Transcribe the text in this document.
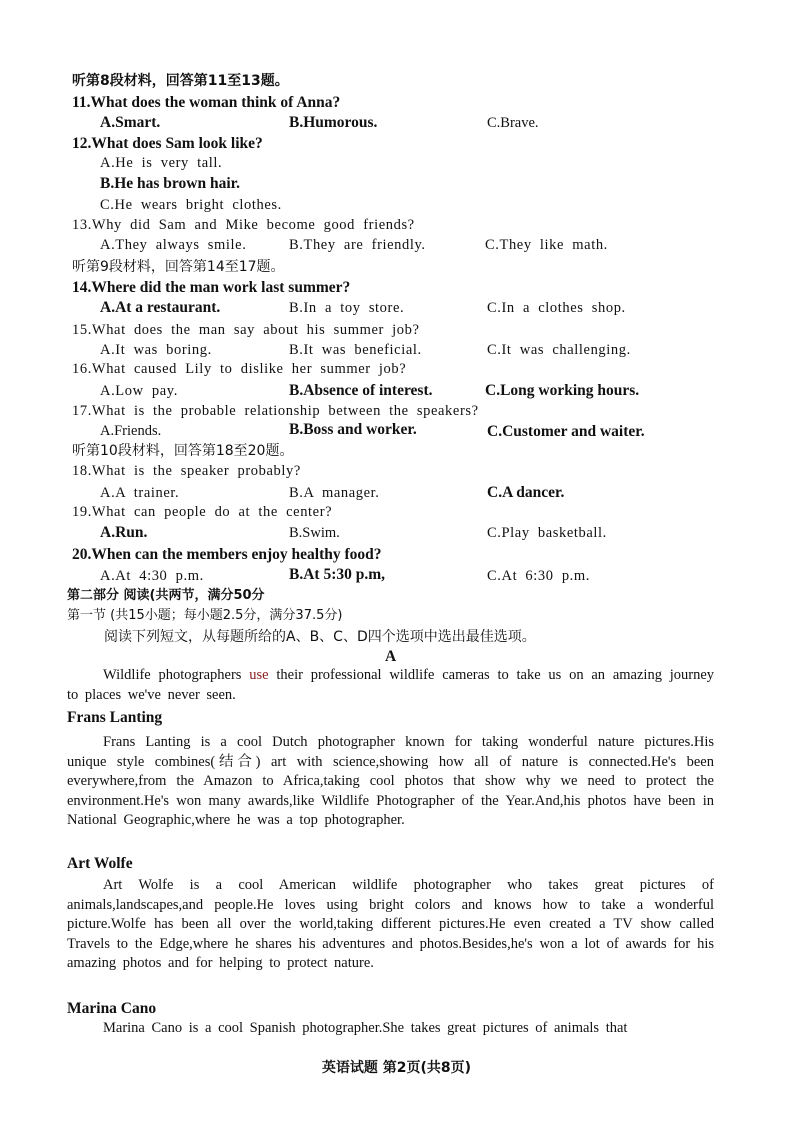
听第8段材料，回答第11至13题。
11.What does the woman think of Anna?
A.Smart.	B.Humorous.	C.Brave.
12.What does Sam look like?
A.He is very tall.
B.He has brown hair.
C.He wears bright clothes.
13.Why did Sam and Mike become good friends?
A.They always smile.	B.They are friendly.	C.They like math.
听第9段材料，回答第14至17题。
14.Where did the man work last summer?
A.At a restaurant.	B.In a toy store.	C.In a clothes shop.
15.What does the man say about his summer job?
A.It was boring.	B.It was beneficial.	C.It was challenging.
16.What caused Lily to dislike her summer job?
A.Low pay.	B.Absence of interest.	C.Long working hours.
17.What is the probable relationship between the speakers?
A.Friends.	B.Boss and worker.	C.Customer and waiter.
听第10段材料，回答第18至20题。
18.What is the speaker probably?
A.A trainer.	B.A manager.	C.A dancer.
19.What can people do at the center?
A.Run.	B.Swim.	C.Play basketball.
20.When can the members enjoy healthy food?
A.At 4:30 p.m.	B.At 5:30 p.m,	C.At 6:30 p.m.
第二部分 阅读(共两节，满分50分
第一节 (共15小题；每小题2.5分，满分37.5分)
阅读下列短文，从每题所给的A、B、C、D四个选项中选出最佳选项。
A

Wildlife photographers use their professional wildlife cameras to take us on an amazing journey to places we've never seen.

Frans Lanting

Frans Lanting is a cool Dutch photographer known for taking wonderful nature pictures.His unique style combines(结合) art with science,showing how all of nature is connected.He's been everywhere,from the Amazon to Africa,taking cool photos that show why we need to protect the environment.He's won many awards,like Wildlife Photographer of the Year.And,his photos have been in National Geographic,where he was a top photographer.

Art Wolfe

Art Wolfe is a cool American wildlife photographer who takes great pictures of animals,landscapes,and people.He loves using bright colors and knows how to take a wonderful picture.Wolfe has been all over the world,taking different pictures.He even created a TV show called Travels to the Edge,where he shares his adventures and photos.Besides,he's won a lot of awards for his amazing photos and for helping to protect nature.

Marina Cano

Marina Cano is a cool Spanish photographer.She takes great pictures of animals that

英语试题 第2页(共8页)
